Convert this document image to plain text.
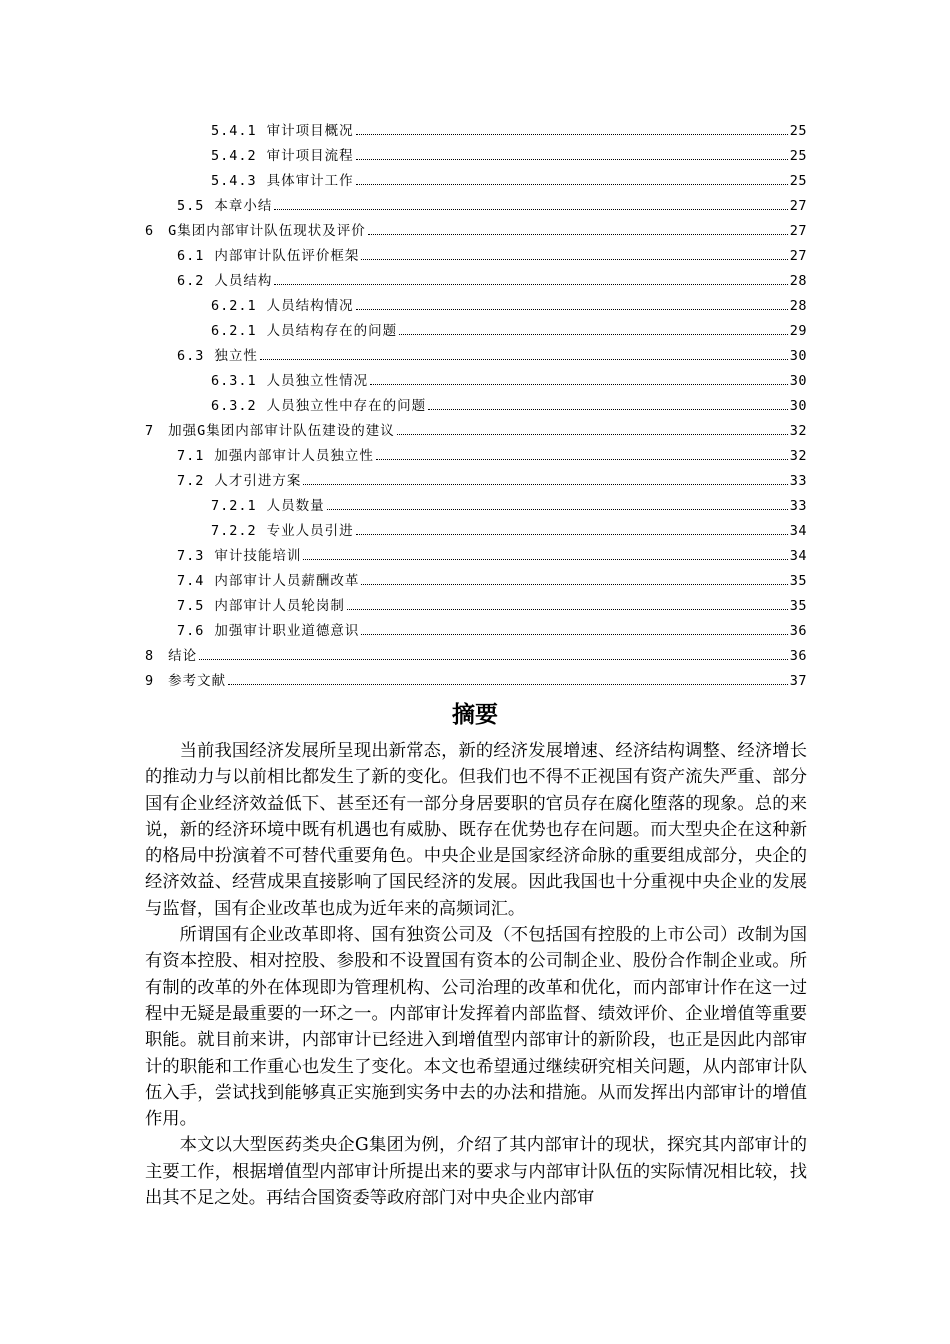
5.4.1 审计项目概况	25
5.4.2 审计项目流程	25
5.4.3 具体审计工作	25
5.5 本章小结	27
6 G集团内部审计队伍现状及评价	27
6.1 内部审计队伍评价框架	27
6.2 人员结构	28
6.2.1 人员结构情况	28
6.2.1 人员结构存在的问题	29
6.3 独立性	30
6.3.1 人员独立性情况	30
6.3.2 人员独立性中存在的问题	30
7 加强G集团内部审计队伍建设的建议	32
7.1 加强内部审计人员独立性	32
7.2 人才引进方案	33
7.2.1 人员数量	33
7.2.2 专业人员引进	34
7.3 审计技能培训	34
7.4 内部审计人员薪酬改革	35
7.5 内部审计人员轮岗制	35
7.6 加强审计职业道德意识	36
8 结论	36
9 参考文献	37
摘要

当前我国经济发展所呈现出新常态，新的经济发展增速、经济结构调整、经济增长的推动力与以前相比都发生了新的变化。但我们也不得不正视国有资产流失严重、部分国有企业经济效益低下、甚至还有一部分身居要职的官员存在腐化堕落的现象。总的来说，新的经济环境中既有机遇也有威胁、既存在优势也存在问题。而大型央企在这种新的格局中扮演着不可替代重要角色。中央企业是国家经济命脉的重要组成部分，央企的经济效益、经营成果直接影响了国民经济的发展。因此我国也十分重视中央企业的发展与监督，国有企业改革也成为近年来的高频词汇。

所谓国有企业改革即将、国有独资公司及（不包括国有控股的上市公司）改制为国有资本控股、相对控股、参股和不设置国有资本的公司制企业、股份合作制企业或。所有制的改革的外在体现即为管理机构、公司治理的改革和优化，而内部审计作在这一过程中无疑是最重要的一环之一。内部审计发挥着内部监督、绩效评价、企业增值等重要职能。就目前来讲，内部审计已经进入到增值型内部审计的新阶段，也正是因此内部审计的职能和工作重心也发生了变化。本文也希望通过继续研究相关问题，从内部审计队伍入手，尝试找到能够真正实施到实务中去的办法和措施。从而发挥出内部审计的增值作用。

本文以大型医药类央企G集团为例，介绍了其内部审计的现状，探究其内部审计的主要工作，根据增值型内部审计所提出来的要求与内部审计队伍的实际情况相比较，找出其不足之处。再结合国资委等政府部门对中央企业内部审
